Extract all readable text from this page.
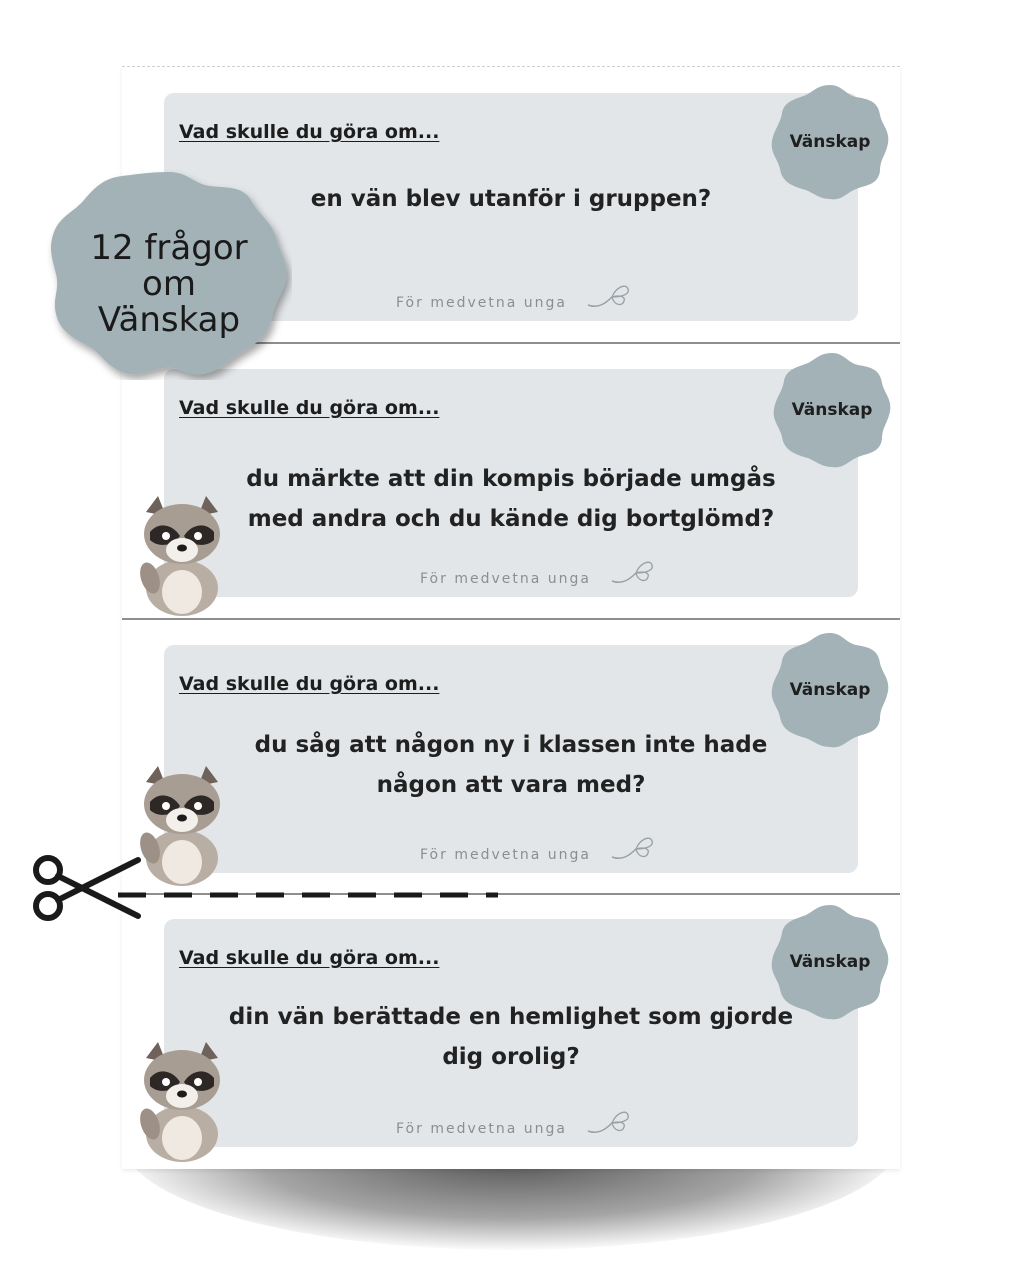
Vad skulle du göra om...
en vän blev utanför i gruppen?
För medvetna unga
Vad skulle du göra om...
du märkte att din kompis började umgås
med andra och du kände dig bortglömd?
För medvetna unga
Vad skulle du göra om...
du såg att någon ny i klassen inte hade
någon att vara med?
För medvetna unga
Vad skulle du göra om...
din vän berättade en hemlighet som gjorde
dig orolig?
För medvetna unga
Vänskap
Vänskap
Vänskap
Vänskap
12 frågor
om
Vänskap
